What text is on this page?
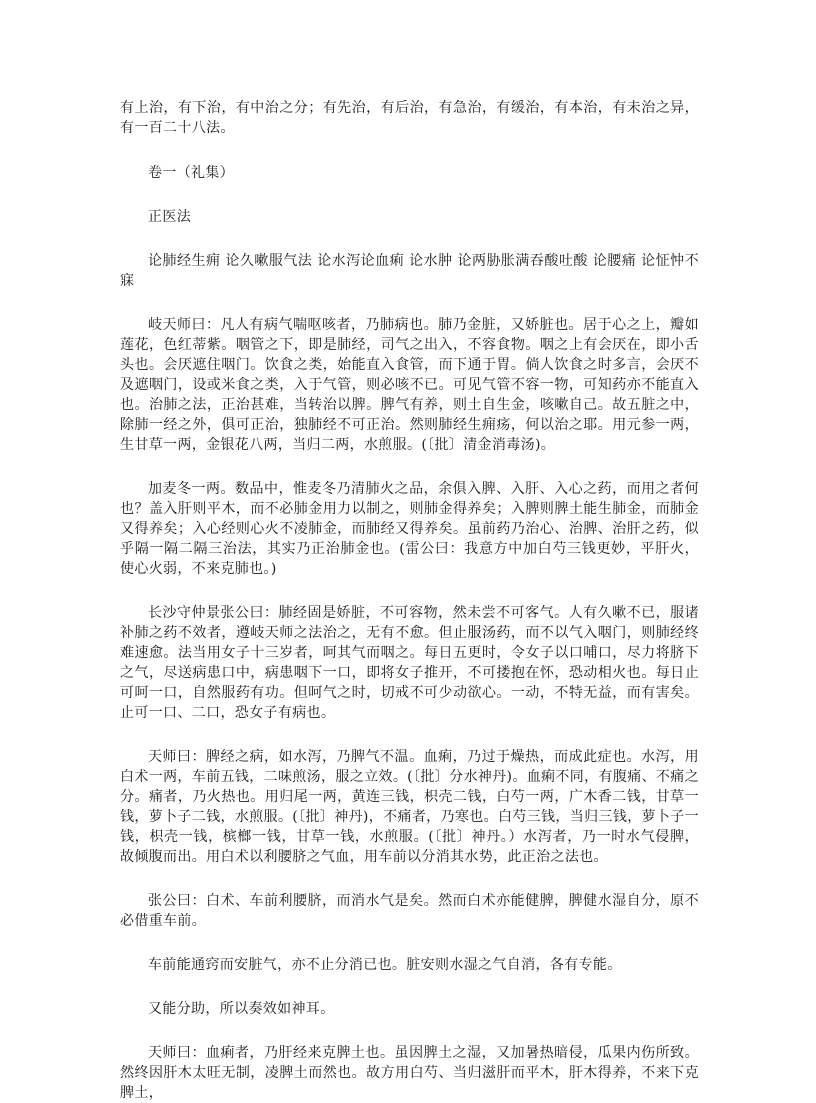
有上治，有下治，有中治之分；有先治，有后治，有急治，有缓治，有本治，有未治之异，有一百二十八法。

卷一（礼集）

正医法

论肺经生痈 论久嗽服气法 论水泻论血痢 论水肿 论两胁胀满吞酸吐酸 论腰痛 论怔忡不寐

岐天师曰：凡人有病气喘呕咳者，乃肺病也。肺乃金脏，又娇脏也。居于心之上，瓣如莲花，色红蒂紫。咽管之下，即是肺经，司气之出入，不容食物。咽之上有会厌在，即小舌头也。会厌遮住咽门。饮食之类，始能直入食管，而下通于胃。倘人饮食之时多言，会厌不及遮咽门，设或米食之类，入于气管，则必咳不已。可见气管不容一物，可知药亦不能直入也。治肺之法，正治甚难，当转治以脾。脾气有养，则土自生金，咳嗽自己。故五脏之中，除肺一经之外，俱可正治，独肺经不可正治。然则肺经生痈疡，何以治之耶。用元参一两，生甘草一两，金银花八两，当归二两，水煎服。(〔批〕清金消毒汤)。

加麦冬一两。数品中，惟麦冬乃清肺火之品，余俱入脾、入肝、入心之药，而用之者何也？盖入肝则平木，而不必肺金用力以制之，则肺金得养矣；入脾则脾土能生肺金，而肺金又得养矣；入心经则心火不凌肺金，而肺经又得养矣。虽前药乃治心、治脾、治肝之药，似乎隔一隔二隔三治法，其实乃正治肺金也。(雷公曰：我意方中加白芍三钱更妙，平肝火，使心火弱，不来克肺也。)

长沙守仲景张公曰：肺经固是娇脏，不可容物，然未尝不可客气。人有久嗽不已，服诸补肺之药不效者，遵岐天师之法治之，无有不愈。但止服汤药，而不以气入咽门，则肺经终难速愈。法当用女子十三岁者，呵其气而咽之。每日五更时，令女子以口哺口，尽力将脐下之气，尽送病患口中，病患咽下一口，即将女子推开，不可搂抱在怀，恐动相火也。每日止可呵一口，自然服药有功。但呵气之时，切戒不可少动欲心。一动，不特无益，而有害矣。止可一口、二口，恐女子有病也。

天师曰：脾经之病，如水泻，乃脾气不温。血痢，乃过于燥热，而成此症也。水泻，用白术一两，车前五钱，二味煎汤，服之立效。(〔批〕分水神丹)。血痢不同，有腹痛、不痛之分。痛者，乃火热也。用归尾一两，黄连三钱，枳壳二钱，白芍一两，广木香二钱，甘草一钱，萝卜子二钱，水煎服。(〔批〕神丹)，不痛者，乃寒也。白芍三钱，当归三钱，萝卜子一钱，枳壳一钱，槟榔一钱，甘草一钱，水煎服。(〔批〕神丹。）水泻者，乃一时水气侵脾，故倾腹而出。用白术以利腰脐之气血，用车前以分消其水势，此正治之法也。

张公曰：白术、车前利腰脐，而消水气是矣。然而白术亦能健脾，脾健水湿自分，原不必借重车前。

车前能通窍而安脏气，亦不止分消已也。脏安则水湿之气自消，各有专能。

又能分助，所以奏效如神耳。

天师曰：血痢者，乃肝经来克脾土也。虽因脾土之湿，又加暑热暗侵，瓜果内伤所致。然终因肝木太旺无制，凌脾土而然也。故方用白芍、当归滋肝而平木，肝木得养，不来下克脾土，
